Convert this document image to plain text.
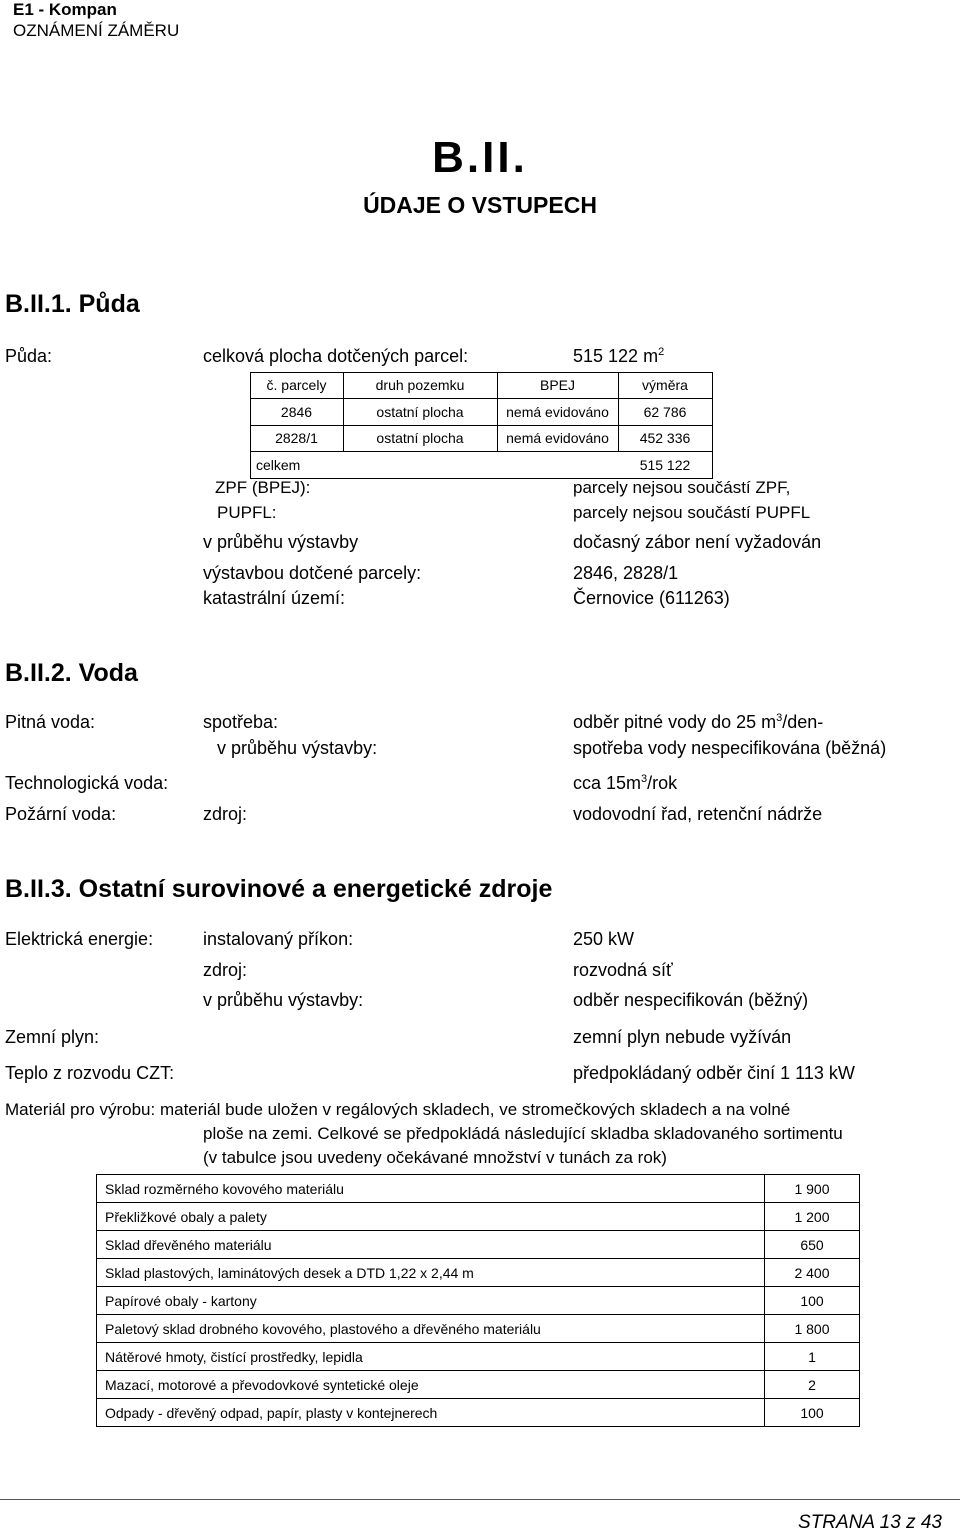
E1 - Kompan
OZNÁMENÍ ZÁMĚRU
B.II.
ÚDAJE O VSTUPECH
B.II.1. Půda
Půda:	celková plocha dotčených parcel:	515 122 $m^2$
č. parcely	druh pozemku	BPEJ	výměra
2846	ostatní plocha	nemá evidováno	62 786
2828/1	ostatní plocha	nemá evidováno	452 336
celkem	515 122
ZPF (BPEJ):	parcely nejsou součástí ZPF,
PUPFL:	parcely nejsou součástí PUPFL
v průběhu výstavby	dočasný zábor není vyžadován
výstavbou dotčené parcely:	2846, 2828/1
katastrální území:	Černovice (611263)
B.II.2. Voda
Pitná voda:	spotřeba:	odběr pitné vody do 25 $m^3/den-$
v průběhu výstavby:	spotřeba vody nespecifikována (běžná)
Technologická voda:	cca $15m^3$/rok
Požární voda:	zdroj:	vodovodní řad, retenční nádrže
B.II.3. Ostatní surovinové a energetické zdroje
Elektrická energie:	instalovaný příkon:	250 kW
zdroj:	rozvodná síť
v průběhu výstavby:	odběr nespecifikován (běžný)
Zemní plyn:	zemní plyn nebude vyžíván
Teplo z rozvodu CZT:	předpokládaný odběr činí 1 113 kW
Materiál pro výrobu: materiál bude uložen v regálových skladech, ve stromečkových skladech a na volné
ploše na zemi. Celkové se předpokládá následující skladba skladovaného sortimentu
(v tabulce jsou uvedeny očekávané množství v tunách za rok)
Sklad rozměrného kovového materiálu	1 900
Překližkové obaly a palety	1 200
Sklad dřevěného materiálu	650
Sklad plastových, laminátových desek a DTD 1,22 x 2,44 m	2 400
Papírové obaly - kartony	100
Paletový sklad drobného kovového, plastového a dřevěného materiálu	1 800
Nátěrové hmoty, čistící prostředky, lepidla	1
Mazací, motorové a převodovkové syntetické oleje	2
Odpady - dřevěný odpad, papír, plasty v kontejnerech	100
STRANA 13 z 43
